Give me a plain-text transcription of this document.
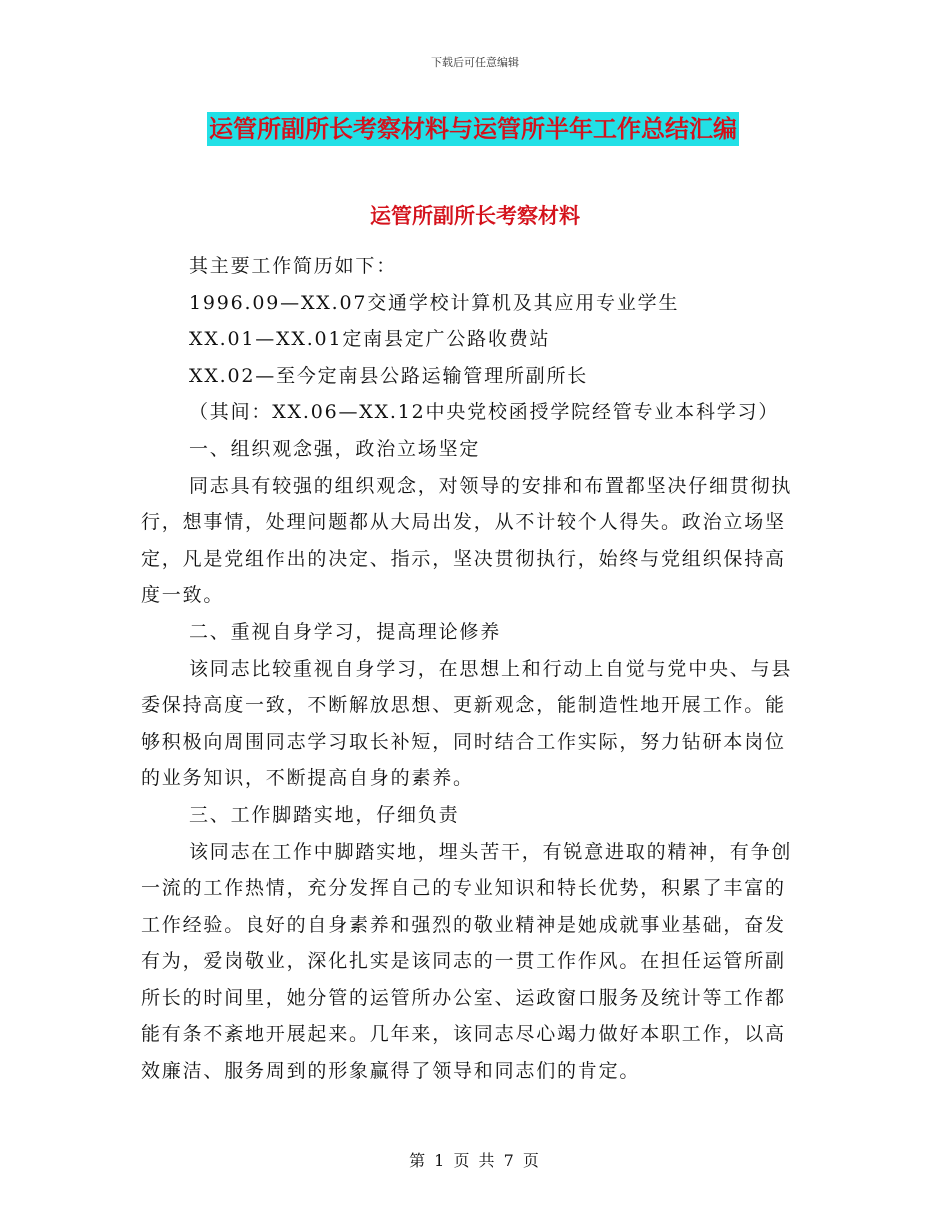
下载后可任意编辑
运管所副所长考察材料与运管所半年工作总结汇编
运管所副所长考察材料

其主要工作简历如下：

1996.09—XX.07交通学校计算机及其应用专业学生

XX.01—XX.01定南县定广公路收费站

XX.02—至今定南县公路运输管理所副所长

（其间：XX.06—XX.12中央党校函授学院经管专业本科学习）

一、组织观念强，政治立场坚定

同志具有较强的组织观念，对领导的安排和布置都坚决仔细贯彻执行，想事情，处理问题都从大局出发，从不计较个人得失。政治立场坚定，凡是党组作出的决定、指示，坚决贯彻执行，始终与党组织保持高度一致。

二、重视自身学习，提高理论修养

该同志比较重视自身学习，在思想上和行动上自觉与党中央、与县委保持高度一致，不断解放思想、更新观念，能制造性地开展工作。能够积极向周围同志学习取长补短，同时结合工作实际，努力钻研本岗位的业务知识，不断提高自身的素养。

三、工作脚踏实地，仔细负责

该同志在工作中脚踏实地，埋头苦干，有锐意进取的精神，有争创一流的工作热情，充分发挥自己的专业知识和特长优势，积累了丰富的工作经验。良好的自身素养和强烈的敬业精神是她成就事业基础，奋发有为，爱岗敬业，深化扎实是该同志的一贯工作作风。在担任运管所副所长的时间里，她分管的运管所办公室、运政窗口服务及统计等工作都能有条不紊地开展起来。几年来，该同志尽心竭力做好本职工作，以高效廉洁、服务周到的形象赢得了领导和同志们的肯定。

第 1 页 共 7 页
